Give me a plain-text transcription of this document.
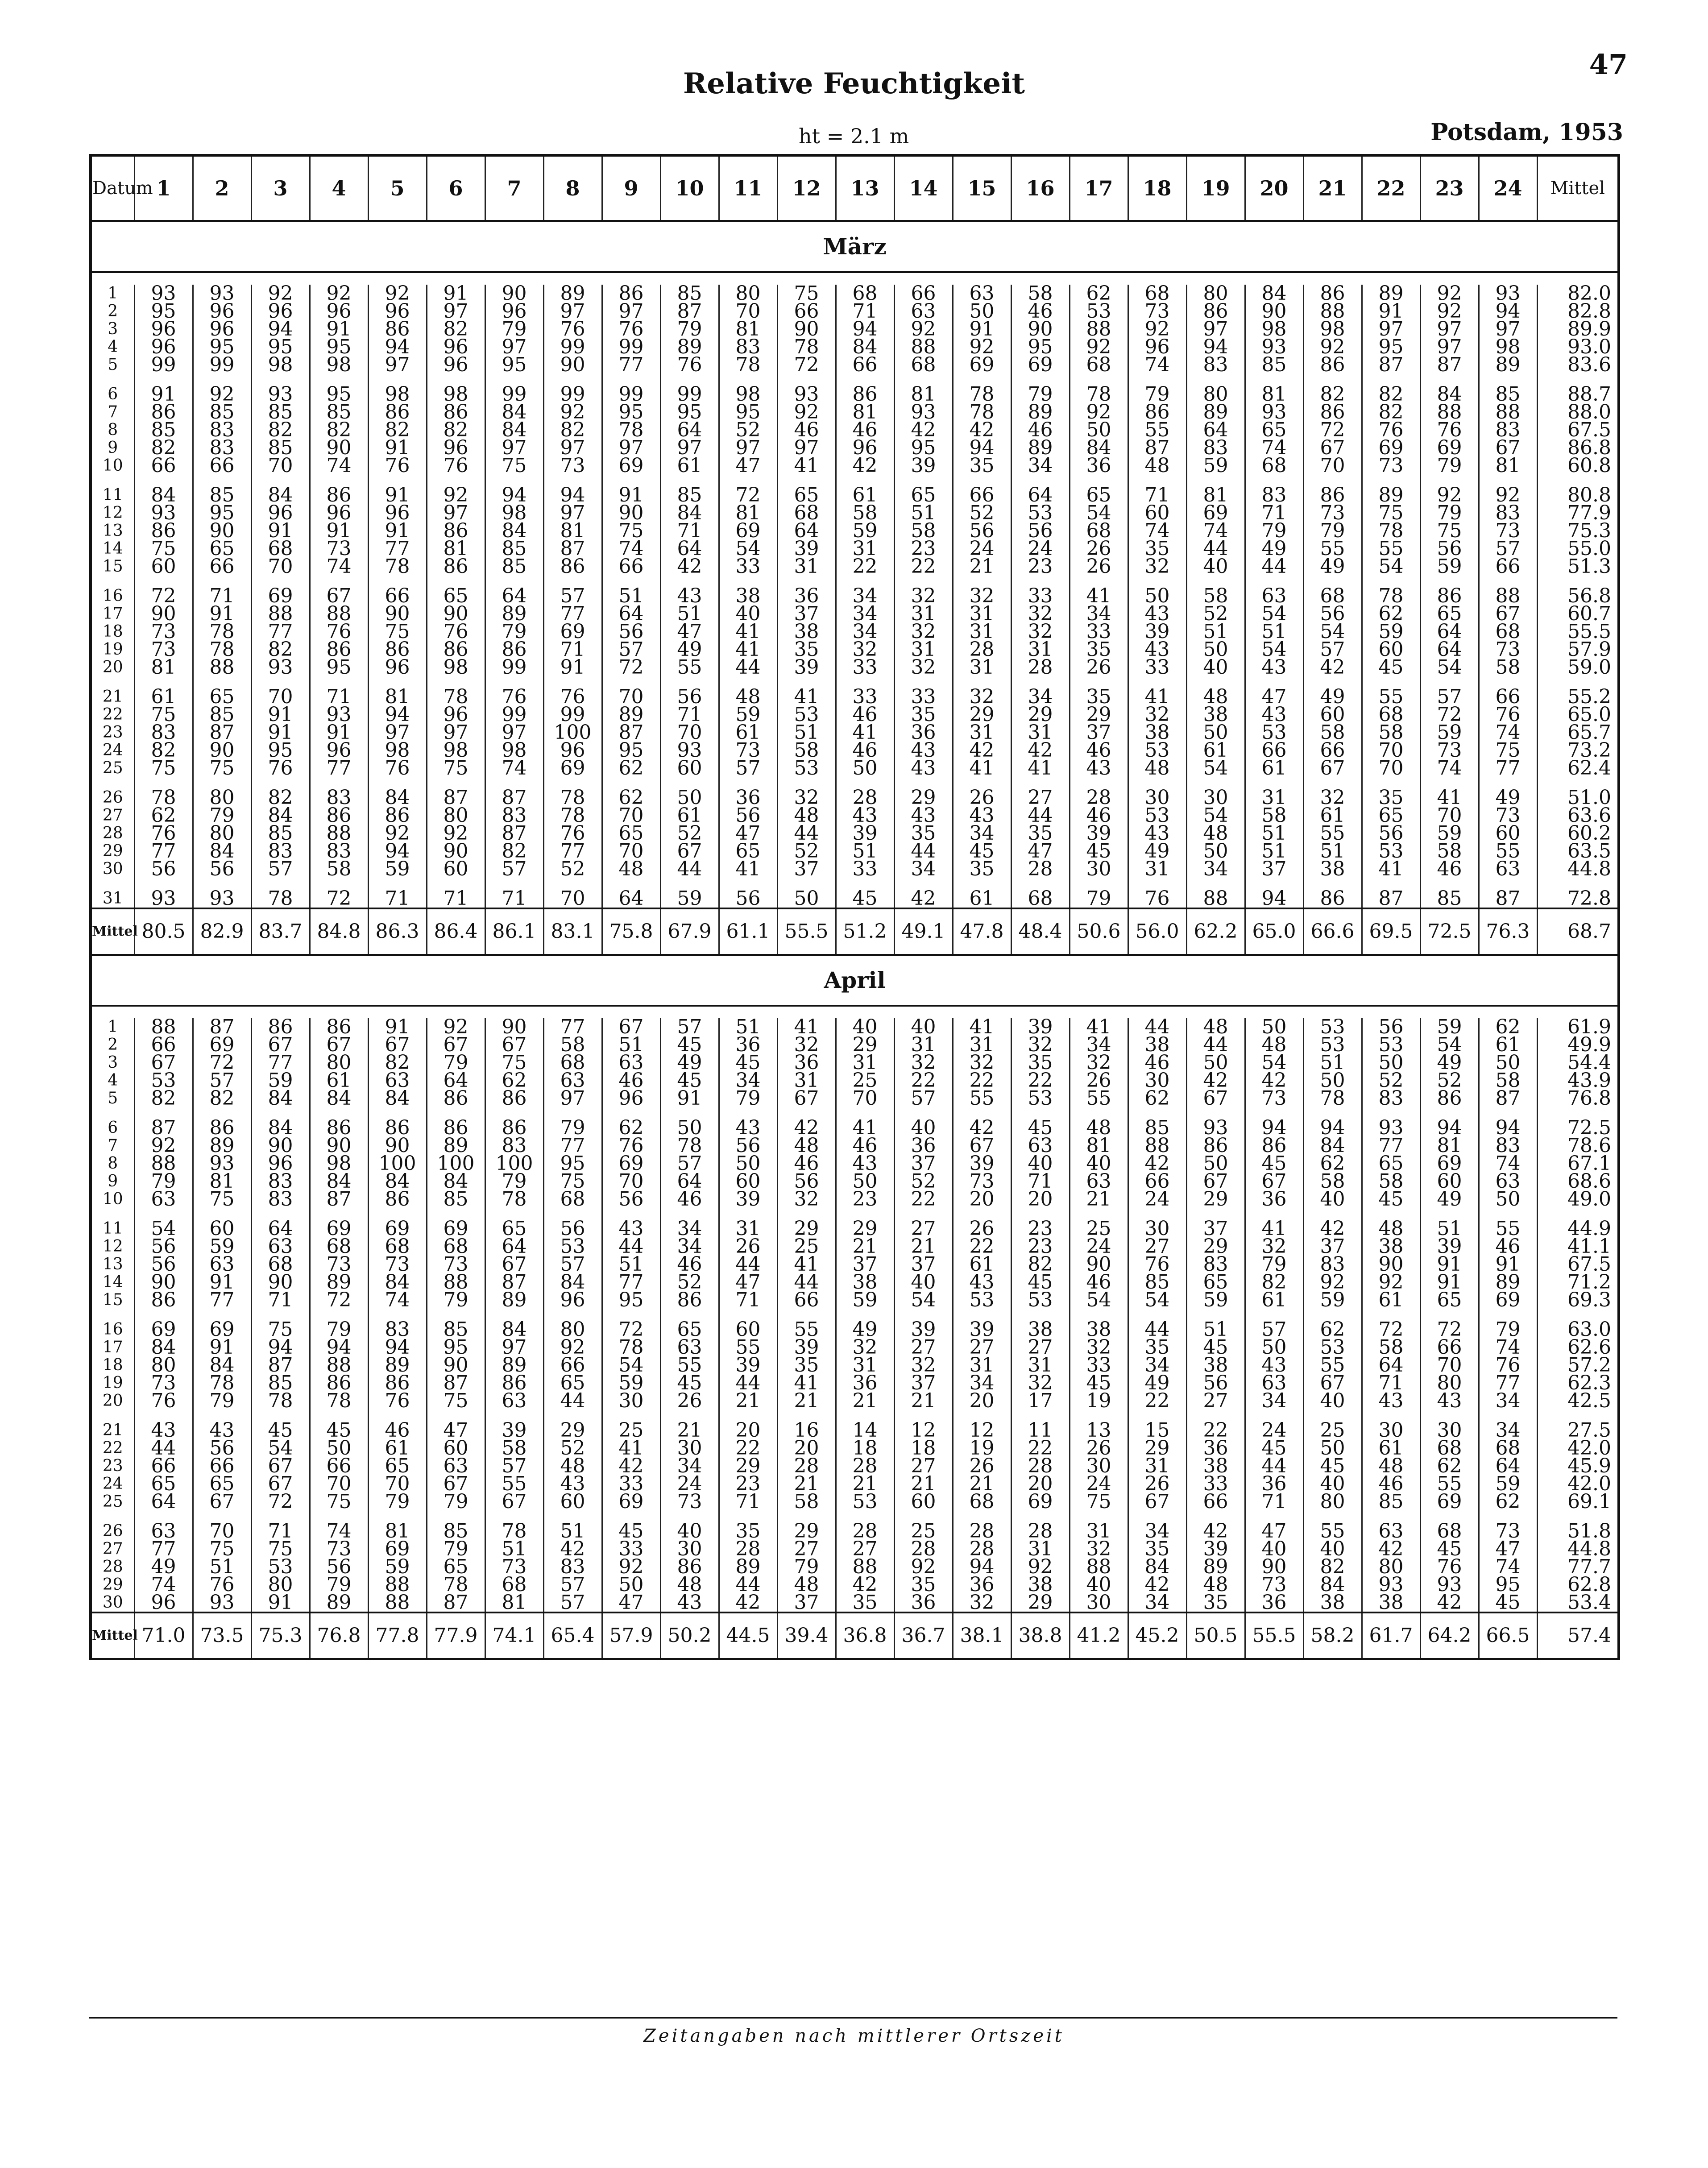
47
Relative Feuchtigkeit
ht = 2.1 m	Potsdam, 1953
Datum	1	2	3	4	5	6	7	8	9	10	11	12	13	14	15	16	17	18	19	20	21	22	23	24	Mittel
März																									

1	93	93	92	92	92	91	90	89	86	85	80	75	68	66	63	58	62	68	80	84	86	89	92	93	82.0
2	95	96	96	96	96	97	96	97	97	87	70	66	71	63	50	46	53	73	86	90	88	91	92	94	82.8
3	96	96	94	91	86	82	79	76	76	79	81	90	94	92	91	90	88	92	97	98	98	97	97	97	89.9
4	96	95	95	95	94	96	97	99	99	89	83	78	84	88	92	95	92	96	94	93	92	95	97	98	93.0
5	99	99	98	98	97	96	95	90	77	76	78	72	66	68	69	69	68	74	83	85	86	87	87	89	83.6

6	91	92	93	95	98	98	99	99	99	99	98	93	86	81	78	79	78	79	80	81	82	82	84	85	88.7
7	86	85	85	85	86	86	84	92	95	95	95	92	81	93	78	89	92	86	89	93	86	82	88	88	88.0
8	85	83	82	82	82	82	84	82	78	64	52	46	46	42	42	46	50	55	64	65	72	76	76	83	67.5
9	82	83	85	90	91	96	97	97	97	97	97	97	96	95	94	89	84	87	83	74	67	69	69	67	86.8
10	66	66	70	74	76	76	75	73	69	61	47	41	42	39	35	34	36	48	59	68	70	73	79	81	60.8

11	84	85	84	86	91	92	94	94	91	85	72	65	61	65	66	64	65	71	81	83	86	89	92	92	80.8
12	93	95	96	96	96	97	98	97	90	84	81	68	58	51	52	53	54	60	69	71	73	75	79	83	77.9
13	86	90	91	91	91	86	84	81	75	71	69	64	59	58	56	56	68	74	74	79	79	78	75	73	75.3
14	75	65	68	73	77	81	85	87	74	64	54	39	31	23	24	24	26	35	44	49	55	55	56	57	55.0
15	60	66	70	74	78	86	85	86	66	42	33	31	22	22	21	23	26	32	40	44	49	54	59	66	51.3

16	72	71	69	67	66	65	64	57	51	43	38	36	34	32	32	33	41	50	58	63	68	78	86	88	56.8
17	90	91	88	88	90	90	89	77	64	51	40	37	34	31	31	32	34	43	52	54	56	62	65	67	60.7
18	73	78	77	76	75	76	79	69	56	47	41	38	34	32	31	32	33	39	51	51	54	59	64	68	55.5
19	73	78	82	86	86	86	86	71	57	49	41	35	32	31	28	31	35	43	50	54	57	60	64	73	57.9
20	81	88	93	95	96	98	99	91	72	55	44	39	33	32	31	28	26	33	40	43	42	45	54	58	59.0

21	61	65	70	71	81	78	76	76	70	56	48	41	33	33	32	34	35	41	48	47	49	55	57	66	55.2
22	75	85	91	93	94	96	99	99	89	71	59	53	46	35	29	29	29	32	38	43	60	68	72	76	65.0
23	83	87	91	91	97	97	97	100	87	70	61	51	41	36	31	31	37	38	50	53	58	58	59	74	65.7
24	82	90	95	96	98	98	98	96	95	93	73	58	46	43	42	42	46	53	61	66	66	70	73	75	73.2
25	75	75	76	77	76	75	74	69	62	60	57	53	50	43	41	41	43	48	54	61	67	70	74	77	62.4

26	78	80	82	83	84	87	87	78	62	50	36	32	28	29	26	27	28	30	30	31	32	35	41	49	51.0
27	62	79	84	86	86	80	83	78	70	61	56	48	43	43	43	44	46	53	54	58	61	65	70	73	63.6
28	76	80	85	88	92	92	87	76	65	52	47	44	39	35	34	35	39	43	48	51	55	56	59	60	60.2
29	77	84	83	83	94	90	82	77	70	67	65	52	51	44	45	47	45	49	50	51	51	53	58	55	63.5
30	56	56	57	58	59	60	57	52	48	44	41	37	33	34	35	28	30	31	34	37	38	41	46	63	44.8

31	93	93	78	72	71	71	71	70	64	59	56	50	45	42	61	68	79	76	88	94	86	87	85	87	72.8
Mittel	80.5	82.9	83.7	84.8	86.3	86.4	86.1	83.1	75.8	67.9	61.1	55.5	51.2	49.1	47.8	48.4	50.6	56.0	62.2	65.0	66.6	69.5	72.5	76.3	68.7
April																									

1	88	87	86	86	91	92	90	77	67	57	51	41	40	40	41	39	41	44	48	50	53	56	59	62	61.9
2	66	69	67	67	67	67	67	58	51	45	36	32	29	31	31	32	34	38	44	48	53	53	54	61	49.9
3	67	72	77	80	82	79	75	68	63	49	45	36	31	32	32	35	32	46	50	54	51	50	49	50	54.4
4	53	57	59	61	63	64	62	63	46	45	34	31	25	22	22	22	26	30	42	42	50	52	52	58	43.9
5	82	82	84	84	84	86	86	97	96	91	79	67	70	57	55	53	55	62	67	73	78	83	86	87	76.8

6	87	86	84	86	86	86	86	79	62	50	43	42	41	40	42	45	48	85	93	94	94	93	94	94	72.5
7	92	89	90	90	90	89	83	77	76	78	56	48	46	36	67	63	81	88	86	86	84	77	81	83	78.6
8	88	93	96	98	100	100	100	95	69	57	50	46	43	37	39	40	40	42	50	45	62	65	69	74	67.1
9	79	81	83	84	84	84	79	75	70	64	60	56	50	52	73	71	63	66	67	67	58	58	60	63	68.6
10	63	75	83	87	86	85	78	68	56	46	39	32	23	22	20	20	21	24	29	36	40	45	49	50	49.0

11	54	60	64	69	69	69	65	56	43	34	31	29	29	27	26	23	25	30	37	41	42	48	51	55	44.9
12	56	59	63	68	68	68	64	53	44	34	26	25	21	21	22	23	24	27	29	32	37	38	39	46	41.1
13	56	63	68	73	73	73	67	57	51	46	44	41	37	37	61	82	90	76	83	79	83	90	91	91	67.5
14	90	91	90	89	84	88	87	84	77	52	47	44	38	40	43	45	46	85	65	82	92	92	91	89	71.2
15	86	77	71	72	74	79	89	96	95	86	71	66	59	54	53	53	54	54	59	61	59	61	65	69	69.3

16	69	69	75	79	83	85	84	80	72	65	60	55	49	39	39	38	38	44	51	57	62	72	72	79	63.0
17	84	91	94	94	94	95	97	92	78	63	55	39	32	27	27	27	32	35	45	50	53	58	66	74	62.6
18	80	84	87	88	89	90	89	66	54	55	39	35	31	32	31	31	33	34	38	43	55	64	70	76	57.2
19	73	78	85	86	86	87	86	65	59	45	44	41	36	37	34	32	45	49	56	63	67	71	80	77	62.3
20	76	79	78	78	76	75	63	44	30	26	21	21	21	21	20	17	19	22	27	34	40	43	43	34	42.5

21	43	43	45	45	46	47	39	29	25	21	20	16	14	12	12	11	13	15	22	24	25	30	30	34	27.5
22	44	56	54	50	61	60	58	52	41	30	22	20	18	18	19	22	26	29	36	45	50	61	68	68	42.0
23	66	66	67	66	65	63	57	48	42	34	29	28	28	27	26	28	30	31	38	44	45	48	62	64	45.9
24	65	65	67	70	70	67	55	43	33	24	23	21	21	21	21	20	24	26	33	36	40	46	55	59	42.0
25	64	67	72	75	79	79	67	60	69	73	71	58	53	60	68	69	75	67	66	71	80	85	69	62	69.1

26	63	70	71	74	81	85	78	51	45	40	35	29	28	25	28	28	31	34	42	47	55	63	68	73	51.8
27	77	75	75	73	69	79	51	42	33	30	28	27	27	28	28	31	32	35	39	40	40	42	45	47	44.8
28	49	51	53	56	59	65	73	83	92	86	89	79	88	92	94	92	88	84	89	90	82	80	76	74	77.7
29	74	76	80	79	88	78	68	57	50	48	44	48	42	35	36	38	40	42	48	73	84	93	93	95	62.8
30	96	93	91	89	88	87	81	57	47	43	42	37	35	36	32	29	30	34	35	36	38	38	42	45	53.4
Mittel	71.0	73.5	75.3	76.8	77.8	77.9	74.1	65.4	57.9	50.2	44.5	39.4	36.8	36.7	38.1	38.8	41.2	45.2	50.5	55.5	58.2	61.7	64.2	66.5	57.4
Zeitangaben nach mittlerer Ortszeit
